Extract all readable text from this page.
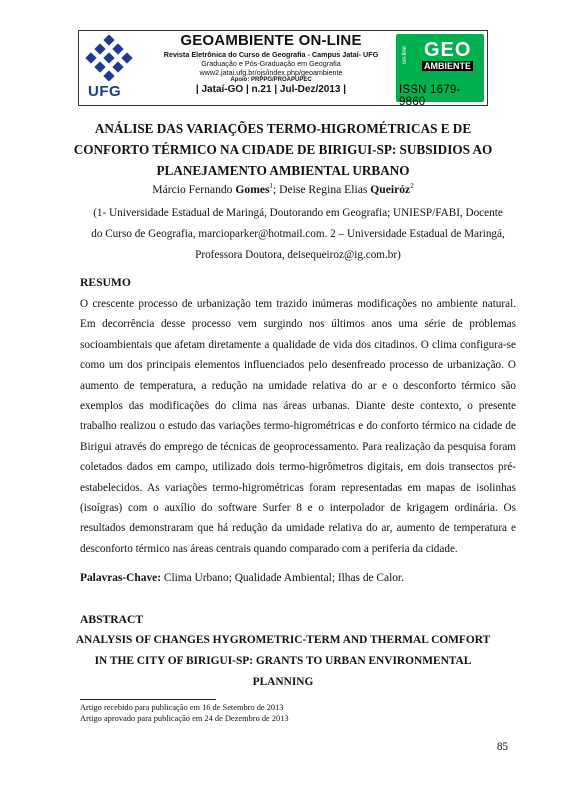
UFG
GEOAMBIENTE ON-LINE
Revista Eletrônica do Curso de Geografia - Campus Jataí- UFG
Graduação e Pós-Graduação em Geografia
www2.jatai.ufg.br/ojs/index.php/geoambiente
Apoio: PRPPG/PROAPUPEC
| Jataí-GO | n.21 | Jul-Dez/2013 |
on-line GEO
AMBIENTE
ISSN 1679-9860
ANÁLISE DAS VARIAÇÕES TERMO-HIGROMÉTRICAS E DE
CONFORTO TÉRMICO NA CIDADE DE BIRIGUI-SP: SUBSIDIOS AO
PLANEJAMENTO AMBIENTAL URBANO
Márcio Fernando Gomes$^1$; Deise Regina Elias Queiróz$^2$
(1- Universidade Estadual de Maringá, Doutorando em Geografia; UNIESP/FABI, Docente
do Curso de Geografia, marcioparker@hotmail.com. 2 – Universidade Estadual de Maringá,
Professora Doutora, deisequeiroz@ig.com.br)
RESUMO
O crescente processo de urbanização tem trazido inúmeras modificações no ambiente natural. Em decorrência desse processo vem surgindo nos últimos anos uma série de problemas socioambientais que afetam diretamente a qualidade de vida dos citadinos. O clima configura-se como um dos principais elementos influenciados pelo desenfreado processo de urbanização. O aumento de temperatura, a redução na umidade relativa do ar e o desconforto térmico são exemplos das modificações do clima nas áreas urbanas. Diante deste contexto, o presente trabalho realizou o estudo das variações termo-higrométricas e do conforto térmico na cidade de Birigui através do emprego de técnicas de geoprocessamento. Para realização da pesquisa foram coletados dados em campo, utilizado dois termo-higrômetros digitais, em dois transectos pré-estabelecidos. As variações termo-higrométricas foram representadas em mapas de isolinhas (isoígras) com o auxílio do software Surfer 8 e o interpolador de krigagem ordinária. Os resultados demonstraram que há redução da umidade relativa do ar, aumento de temperatura e desconforto térmico nas áreas centrais quando comparado com a periferia da cidade.
Palavras-Chave: Clima Urbano; Qualidade Ambiental; Ilhas de Calor.
ABSTRACT
ANALYSIS OF CHANGES HYGROMETRIC-TERM AND THERMAL COMFORT
IN THE CITY OF BIRIGUI-SP: GRANTS TO URBAN ENVIRONMENTAL
PLANNING
Artigo recebido para publicação em 16 de Setembro de 2013
Artigo aprovado para publicação em 24 de Dezembro de 2013
85
